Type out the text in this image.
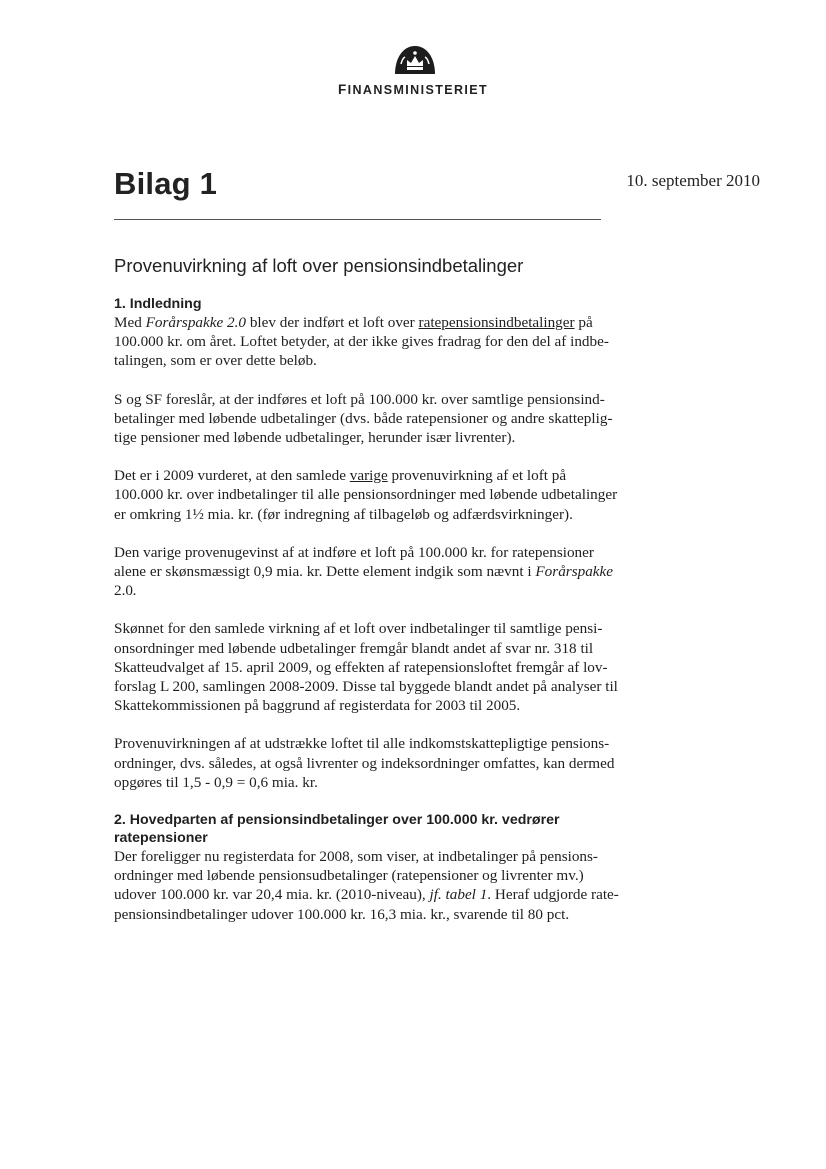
FINANSMINISTERIET
Bilag 1	10. september 2010
Provenuvirkning af loft over pensionsindbetalinger

1. Indledning

Med Forårspakke 2.0 blev der indført et loft over ratepensionsindbetalinger på
100.000 kr. om året. Loftet betyder, at der ikke gives fradrag for den del af indbe-
talingen, som er over dette beløb.

S og SF foreslår, at der indføres et loft på 100.000 kr. over samtlige pensionsind-
betalinger med løbende udbetalinger (dvs. både ratepensioner og andre skatteplig-
tige pensioner med løbende udbetalinger, herunder især livrenter).

Det er i 2009 vurderet, at den samlede varige provenuvirkning af et loft på
100.000 kr. over indbetalinger til alle pensionsordninger med løbende udbetalinger
er omkring 1½ mia. kr. (før indregning af tilbageløb og adfærdsvirkninger).

Den varige provenugevinst af at indføre et loft på 100.000 kr. for ratepensioner
alene er skønsmæssigt 0,9 mia. kr. Dette element indgik som nævnt i Forårspakke
2.0.

Skønnet for den samlede virkning af et loft over indbetalinger til samtlige pensi-
onsordninger med løbende udbetalinger fremgår blandt andet af svar nr. 318 til
Skatteudvalget af 15. april 2009, og effekten af ratepensionsloftet fremgår af lov-
forslag L 200, samlingen 2008-2009. Disse tal byggede blandt andet på analyser til
Skattekommissionen på baggrund af registerdata for 2003 til 2005.

Provenuvirkningen af at udstrække loftet til alle indkomstskattepligtige pensions-
ordninger, dvs. således, at også livrenter og indeksordninger omfattes, kan dermed
opgøres til 1,5 - 0,9 = 0,6 mia. kr.

2. Hovedparten af pensionsindbetalinger over 100.000 kr. vedrører ratepensioner

Der foreligger nu registerdata for 2008, som viser, at indbetalinger på pensions-
ordninger med løbende pensionsudbetalinger (ratepensioner og livrenter mv.)
udover 100.000 kr. var 20,4 mia. kr. (2010-niveau), jf. tabel 1. Heraf udgjorde rate-
pensionsindbetalinger udover 100.000 kr. 16,3 mia. kr., svarende til 80 pct.
